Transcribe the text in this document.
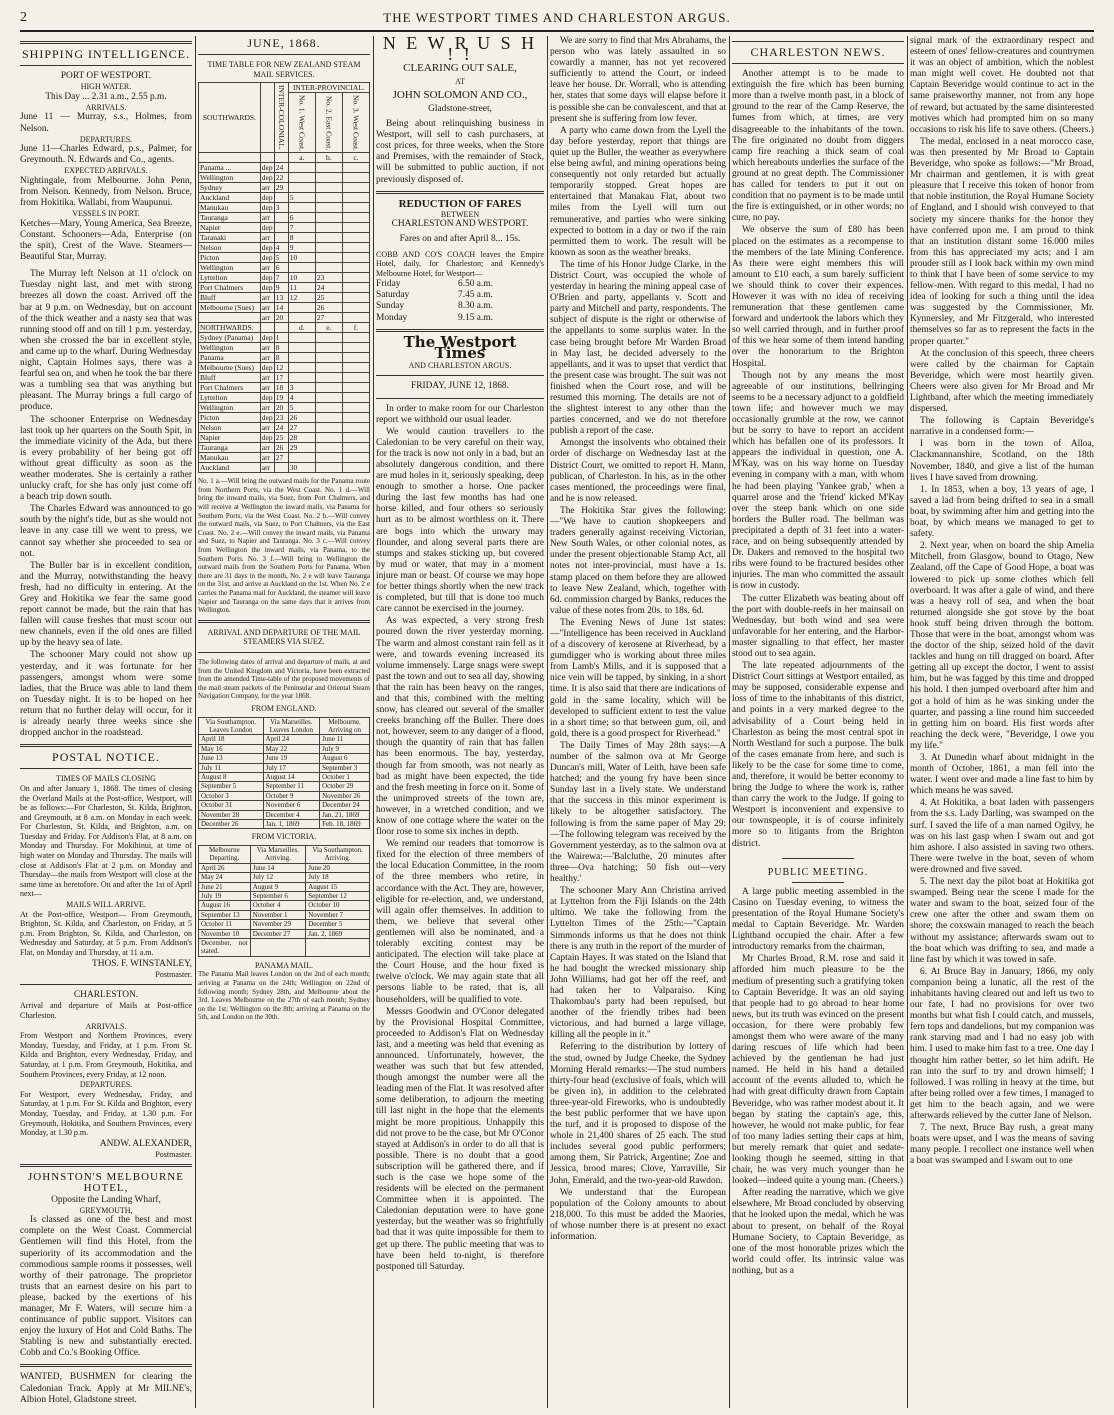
2	THE WESTPORT TIMES AND CHARLESTON ARGUS.
SHIPPING INTELLIGENCE.
PORT OF WESTPORT.
HIGH WATER.
This Day ... 2.31 a.m., 2.55 p.m.
ARRIVALS.
June 11 — Murray, s.s., Holmes, from Nelson.
DEPARTURES.
June 11—Charles Edward, p.s., Palmer, for Greymouth. N. Edwards and Co., agents.
EXPECTED ARRIVALS.
Nightingale, from Melbourne. John Penn, from Nelson. Kennedy, from Nelson. Bruce, from Hokitika. Wallabi, from Waupunui.
VESSELS IN PORT.
Ketches—Mary, Young America, Sea Breeze, Constant. Schooners—Ada, Enterprise (on the spit), Crest of the Wave. Steamers—Beautiful Star, Murray.

The Murray left Nelson at 11 o'clock on Tuesday night last, and met with strong breezes all down the coast. Arrived off the bar at 9 p.m. on Wednesday, but on account of the thick weather and a nasty sea that was running stood off and on till 1 p.m. yesterday, when she crossed the bar in excellent style, and came up to the wharf. During Wednesday night, Captain Holmes says, there was a fearful sea on, and when he took the bar there was a tumbling sea that was anything but pleasant. The Murray brings a full cargo of produce.

The schooner Enterprise on Wednesday last took up her quarters on the South Spit, in the immediate vicinity of the Ada, but there is every probability of her being got off without great difficulty as soon as the weather moderates. She is certainly a rather unlucky craft, for she has only just come off a beach trip down south.

The Charles Edward was announced to go south by the night's tide, but as she would not leave in any case till we went to press, we cannot say whether she proceeded to sea or not.

The Buller bar is in excellent condition, and the Murray, notwithstanding the heavy fresh, had no difficulty in entering. At the Grey and Hokitika we fear the same good report cannot be made, but the rain that has fallen will cause freshes that must scour out new channels, even if the old ones are filled up by the heavy sea of late.

The schooner Mary could not show up yesterday, and it was fortunate for her passengers, amongst whom were some ladies, that the Bruce was able to land them on Tuesday night. It is to be hoped on her return that no further delay will occur, for it is already nearly three weeks since she dropped anchor in the roadstead.

POSTAL NOTICE.
TIMES OF MAILS CLOSING

On and after January 1, 1868. The times of closing the Overland Mails at the Post-office, Westport, will be as follows:—For Charleston, St. Kilda, Brighton, and Greymouth, at 8 a.m. on Monday in each week. For Charleston, St. Kilda, and Brighton, a.m. on Tuesday and Friday. For Addison's Flat, at 8 a.m. on Monday and Thursday. For Mokihinui, at time of high water on Monday and Thursday. The mails will close at Addison's Flat at 2 p.m. on Monday and Thursday—the mails from Westport will close at the same time as heretofore. On and after the 1st of April next—

MAILS WILL ARRIVE.

At the Post-office, Westport— From Greymouth, Brighton, St. Kilda, and Charleston, on Friday, at 5 p.m. From Brighton, St. Kilda, and Charleston, on Wednesday and Saturday, at 5 p.m. From Addison's Flat, on Monday and Thursday, at 11 a.m.

THOS. F. WINSTANLEY,
Postmaster.
CHARLESTON.

Arrival and departure of Mails at Post-office Charleston.

ARRIVALS.

From Westport and Northern Provinces, every Monday, Tuesday, and Friday, at 1 p.m. From St. Kilda and Brighton, every Wednesday, Friday, and Saturday, at 1 p.m. From Greymouth, Hokitika, and Southern Provinces, every Friday, at 12 noon.

DEPARTURES.

For Westport, every Wednesday, Friday, and Saturday, at 1 p.m. For St. Kilda and Brighton, every Monday, Tuesday, and Friday, at 1.30 p.m. For Greymouth, Hokitika, and Southern Provinces, every Monday, at 1.30 p.m.

ANDW. ALEXANDER,
Postmaster.
JOHNSTON'S MELBOURNE HOTEL,
Opposite the Landing Wharf,
GREYMOUTH,

Is classed as one of the best and most complete on the West Coast. Commercial Gentlemen will find this Hotel, from the superiority of its accommodation and the commodious sample rooms it possesses, well worthy of their patronage. The proprietor trusts that an earnest desire on his part to please, backed by the exertions of his manager, Mr F. Waters, will secure him a continuance of public support. Visitors can enjoy the luxury of Hot and Cold Baths. The Stabling is new and substantially erected. Cobb and Co.'s Booking Office.

WANTED, BUSHMEN for clearing the Caledonian Track. Apply at Mr MILNE's, Albion Hotel, Gladstone street.

JUNE, 1868.
TIME TABLE FOR NEW ZEALAND STEAM MAIL SERVICES.
SOUTHWARDS.		INTER-COLONIAL.	INTER-PROVINCIAL.		
			No. 1. West Coast.	No. 2. East Coast.	No. 3. West Coast.
			a.	b.	c.
Panama ...	dep	24			
Wellington	dep	22			
Sydney	arr	29			
Auckland	dep		5		
Manukau	dep	3			
Tauranga	arr		6		
Napier	dep		7		
Taranaki	arr		8		
Nelson	dep	4	9		
Picton	dep	5	10		
Wellington	arr	6			
Lyttelton	dep	7	10	23	
Port Chalmers	dep	9	11	24	
Bluff	arr	13	12	25	
Melbourne (Sues)	arr	14		26	
	arr	20		27	
NORTHWARDS.			d.	e.	f.
Sydney (Panama)	dep	1			
Wellington	arr	8			
Panama	arr	8			
Melbourne (Sues)	dep	12			
Bluff	arr	17			
Port Chalmers	arr	18	3		
Lyttelton	dep	19	4		
Wellington	arr	20	5		
Picton	dep	23	26		
Nelson	arr	24	27		
Napier	dep	25	28		
Tauranga	arr	26	29		
Manukau	arr	27			
Auckland	arr		30		

No. 1 a.—Will bring the outward mails for the Panama route from Northern Ports, via the West Coast. No. 1 d.—Will bring the inward mails, via Suez, from Port Chalmers, and will receive at Wellington the inward mails, via Panama for Southern Ports, via the West Coast. No. 2 b.—Will convey the outward mails, via Suez, to Port Chalmers, via the East Coast. No. 2 e.—Will convey the inward mails, via Panama and Suez, to Napier and Tauranga. No. 3 c.—Will convey from Wellington the inward mails, via Panama, to the Southern Ports. No. 3 f.—Will bring to Wellington the outward mails from the Southern Ports for Panama. When there are 31 days in the month, No. 2 e will leave Tauranga on the 31st, and arrive at Auckland on the 1st. When No. 2 e carries the Panama mail for Auckland, the steamer will leave Napier and Tauranga on the same days that it arrives from Wellington.

ARRIVAL AND DEPARTURE OF THE MAIL STEAMERS VIA SUEZ.

The following dates of arrival and departure of mails, at and from the United Kingdom and Victoria, have been extracted from the amended Time-table of the proposed movements of the mail steam packets of the Peninsular and Oriental Steam Navigation Company, for the year 1868.

FROM ENGLAND.
Via Southampton. Leaves London	Via Marseilles. Leaves London	Melbourne. Arriving on
April 18	April 24	June 11
May 16	May 22	July 9
June 13	June 19	August 6
July 11	July 17	September 3
August 8	August 14	October 1
September 5	September 11	October 29
October 3	October 9	November 26
October 31	November 6	December 24
November 28	December 4	Jan. 21, 1869
December 26	Jan. 1, 1869	Feb. 18, 1869
FROM VICTORIA.
Melbourne Departing.	Via Marseilles. Arriving.	Via Southampton. Arriving.
April 26	June 14	June 20
May 24	July 12	July 18
June 21	August 9	August 15
July 19	September 6	September 12
August 16	October 4	October 10
September 13	November 1	November 7
October 11	November 29	December 5
November 10	December 27	Jan. 2, 1869
December, not stated.		
PANAMA MAIL.

The Panama Mail leaves London on the 2nd of each month; arriving at Panama on the 24th; Wellington on 22nd of following month; Sydney 28th, and Melbourne about the 3rd. Leaves Melbourne on the 27th of each month; Sydney on the 1st; Wellington on the 8th; arriving at Panama on the 5th, and London on the 30th.

N E W R U S H ! !
CLEARING OUT SALE,
AT
JOHN SOLOMON AND CO.,
Gladstone-street,

Being about relinquishing business in Westport, will sell to cash purchasers, at cost prices, for three weeks, when the Store and Premises, with the remainder of Stock, will be submitted to public auction, if not previously disposed of.

REDUCTION OF FARES
BETWEEN
CHARLESTON AND WESTPORT.
Fares on and after April 8... 15s.

COBB AND CO'S COACH leaves the Empire Hotel, daily, for Charleston; and Kennedy's Melbourne Hotel, for Westport—

Friday	6.50 a.m.
Saturday	7.45 a.m.
Sunday	8.30 a.m.
Monday	9.15 a.m.
The Westport Times
AND CHARLESTON ARGUS.
FRIDAY, JUNE 12, 1868.

In order to make room for our Charleston report we withhold our usual leader.

We would caution travellers to the Caledonian to be very careful on their way, for the track is now not only in a bad, but an absolutely dangerous condition, and there are mud holes in it, seriously speaking, deep enough to smother a horse. One packer during the last few months has had one horse killed, and four others so seriously hurt as to be almost worthless on it. There are bogs into which the unwary may flounder, and along several parts there are stumps and stakes sticking up, but covered by mud or water, that may in a moment injure man or beast. Of course we may hope for better things shortly when the new track is completed, but till that is done too much care cannot be exercised in the journey.

As was expected, a very strong fresh poured down the river yesterday morning. The warm and almost constant rain fell as it were, and towards evening increased its volume immensely. Large snags were swept past the town and out to sea all day, showing that the rain has been heavy on the ranges, and that this, combined with the melting snow, has cleared out several of the smaller creeks branching off the Buller. There does not, however, seem to any danger of a flood, though the quantity of rain that has fallen has been enormous. The bay, yesterday, though far from smooth, was not nearly as bad as might have been expected, the tide and the fresh meeting in force on it. Some of the unimproved streets of the town are, however, in a wretched condition, and we know of one cottage where the water on the floor rose to some six inches in depth.

We remind our readers that tomorrow is fixed for the election of three members of the local Education Committee, in the room of the three members who retire, in accordance with the Act. They are, however, eligible for re-election, and, we understand, will again offer themselves. In addition to them, we believe that several other gentlemen will also be nominated, and a tolerably exciting contest may be anticipated. The election will take place at the Court House, and the hour fixed is twelve o'clock. We may again state that all persons liable to be rated, that is, all householders, will be qualified to vote.

Messrs Goodwin and O'Conor delegated by the Provisional Hospital Committee, proceeded to Addison's Flat on Wednesday last, and a meeting was held that evening as announced. Unfortunately, however, the weather was such that but few attended, though amongst the number were all the leading men of the Flat. It was resolved after some deliberation, to adjourn the meeting till last night in the hope that the elements might be more propitious. Unhappily this did not prove to be the case, but Mr O'Conor stayed at Addison's in order to do all that is possible. There is no doubt that a good subscription will be gathered there, and if such is the case we hope some of the residents will be elected on the permanent Committee when it is appointed. The Caledonian deputation were to have gone yesterday, but the weather was so frightfully bad that it was quite impossible for them to get up there. The public meeting that was to have been held to-night, is therefore postponed till Saturday.

We are sorry to find that Mrs Abrahams, the person who was lately assaulted in so cowardly a manner, has not yet recovered sufficiently to attend the Court, or indeed leave her house. Dr. Worrall, who is attending her, states that some days will elapse before it is possible she can be convalescent, and that at present she is suffering from low fever.

A party who came down from the Lyell the day before yesterday, report that things are quiet up the Buller, the weather as everywhere else being awful, and mining operations being consequently not only retarded but actually temporarily stopped. Great hopes are entertained that Manakau Flat, about two miles from the Lyell will turn out remunerative, and parties who were sinking expected to bottom in a day or two if the rain permitted them to work. The result will be known as soon as the weather breaks.

The time of his Honor Judge Clarke, in the District Court, was occupied the whole of yesterday in hearing the mining appeal case of O'Brien and party, appellants v. Scott and party and Mitchell and party, respondents. The subject of dispute is the right or otherwise of the appellants to some surplus water. In the case being brought before Mr Warden Broad in May last, he decided adversely to the appellants, and it was to upset that verdict that the present case was brought. The suit was not finished when the Court rose, and will be resumed this morning. The details are not of the slightest interest to any other than the parties concerned, and we do not therefore publish a report of the case.

Amongst the insolvents who obtained their order of discharge on Wednesday last at the District Court, we omitted to report H. Mann, publican, of Charleston. In his, as in the other cases mentioned, the proceedings were final, and he is now released.

The Hokitika Star gives the following:—"We have to caution shopkeepers and traders generally against receiving Victorian, New South Wales, or other colonial notes, as under the present objectionable Stamp Act, all notes not inter-provincial, must have a 1s. stamp placed on them before they are allowed to leave New Zealand, which, together with 6d. commission charged by Banks, reduces the value of these notes from 20s. to 18s. 6d.

The Evening News of June 1st states:—"Intelligence has been received in Auckland of a discovery of kerosene at Riverhead, by a gumdigger who is working about three miles from Lamb's Mills, and it is supposed that a nice vein will be tapped, by sinking, in a short time. It is also said that there are indications of gold in the same locality, which will be developed to sufficient extent to test the value in a short time; so that between gum, oil, and gold, there is a good prospect for Riverhead."

The Daily Times of May 28th says:—A number of the salmon ova at Mr George Duncan's mill, Water of Leith, have been safe hatched; and the young fry have been since Sunday last in a lively state. We understand that the success in this minor experiment is likely to be altogether satisfactory. The following is from the same paper of May 29:—The following telegram was received by the Government yesterday, as to the salmon ova at the Wairewa:—'Balcluthe, 20 minutes after three—Ova hatching; 50 fish out—very healthy.'

The schooner Mary Ann Christina arrived at Lyttelton from the Fiji Islands on the 24th ultimo. We take the following from the Lyttelton Times of the 25th:—"Captain Simmonds informs us that he does not think there is any truth in the report of the murder of Captain Hayes. It was stated on the Island that he had bought the wrecked missionary ship John Williams, had got her off the reef, and had taken her to Valparaiso. King Thakombau's party had been repulsed, but another of the friendly tribes had been victorious, and had burned a large village, killing all the people in it."

Referring to the distribution by lottery of the stud, owned by Judge Cheeke, the Sydney Morning Herald remarks:—The stud numbers thirty-four head (exclusive of foals, which will be given in), in addition to the celebrated three-year-old Fireworks, who is undoubtedly the best public performer that we have upon the turf, and it is proposed to dispose of the whole in 21,400 shares of 25 each. The stud includes several good public performers; among them, Sir Patrick, Argentine; Zoe and Jessica, brood mares; Clove, Yarraville, Sir John, Emerald, and the two-year-old Rawdon.

We understand that the European population of the Colony amounts to about 218,000. To this must be added the Maories, of whose number there is at present no exact information.

CHARLESTON NEWS.

Another attempt is to be made to extinguish the fire which has been burning more than a twelve month past, in a block of ground to the rear of the Camp Reserve, the fumes from which, at times, are very disagreeable to the inhabitants of the town. The fire originated no doubt from diggers camp fire reaching a thick seam of coal which hereabouts underlies the surface of the ground at no great depth. The Commissioner has called for tenders to put it out on condition that no payment is to be made until the fire is extinguished, or in other words; no cure, no pay.

We observe the sum of £80 has been placed on the estimates as a recompense to the members of the late Mining Conference. As there were eight members this will amount to £10 each, a sum barely sufficient we should think to cover their expences. However it was with no idea of receiving remuneration that these gentlemen came forward and undertook the labors which they so well carried through, and in further proof of this we hear some of them intend handing over the honorarium to the Brighton Hospital.

Though not by any means the most agreeable of our institutions, bellringing seems to be a necessary adjunct to a goldfield town life; and however much we may occasionally grumble at the row, we cannot but be sorry to have to report an accident which has befallen one of its professors. It appears the individual in question, one A. M'Kay, was on his way home on Tuesday evening in company with a man, with whom he had been playing 'Yankee grab,' when a quarrel arose and the 'friend' kicked M'Kay over the steep bank which on one side borders the Buller road. The bellman was precipitated a depth of 31 feet into a water-race, and on being subsequently attended by Dr. Dakers and removed to the hospital two ribs were found to be fractured besides other injuries. The man who committed the assault is now in custody.

The cutter Elizabeth was beating about off the port with double-reefs in her mainsail on Wednesday, but both wind and sea were unfavorable for her entering, and the Harbor-master signalling to that effect, her master stood out to sea again.

The late repeated adjournments of the District Court sittings at Westport entailed, as may be supposed, considerable expense and loss of time to the inhabitants of this district, and points in a very marked degree to the advisability of a Court being held in Charleston as being the most central spot in North Westland for such a purpose. The bulk of the cases emanate from here, and such is likely to be the case for some time to come, and, therefore, it would be better economy to bring the Judge to where the work is, rather than carry the work to the Judge. If going to Westport is inconvenient and expensive to our townspeople, it is of course infinitely more so to litigants from the Brighton district.

PUBLIC MEETING.

A large public meeting assembled in the Casino on Tuesday evening, to witness the presentation of the Royal Humane Society's medal to Captain Beveridge. Mr. Warden Lightband occupied the chair. After a few introductory remarks from the chairman,

Mr Charles Broad, R.M. rose and said it afforded him much pleasure to be the medium of presenting such a gratifying token to Captain Beveridge. It was an old saying that people had to go abroad to hear home news, but its truth was evinced on the present occasion, for there were probably few amongst them who were aware of the many daring rescues of life which had been achieved by the gentleman he had just named. He held in his hand a detailed account of the events alluded to, which he had with great difficulty drawn from Captain Beveridge, who was rather modest about it. It began by stating the captain's age, this, however, he would not make public, for fear of too many ladies setting their caps at him, but merely remark that quiet and sedate-looking though he seemed, sitting in that chair, he was very much younger than he looked—indeed quite a young man. (Cheers.)

After reading the narrative, which we give elsewhere, Mr Broad concluded by observing that he looked upon the medal, which he was about to present, on behalf of the Royal Humane Society, to Captain Beveridge, as one of the most honorable prizes which the world could offer. Its intrinsic value was nothing, but as a

signal mark of the extraordinary respect and esteem of ones' fellow-creatures and countrymen it was an object of ambition, which the noblest man might well covet. He doubted not that Captain Beveridge would continue to act in the same praiseworthy manner, not from any hope of reward, but actuated by the same disinterested motives which had prompted him on so many occasions to risk his life to save others. (Cheers.)

The medal, enclosed in a neat morocco case, was then presented by Mr Broad to Captain Beveridge, who spoke as follows:—"Mr Broad, Mr chairman and gentlemen, it is with great pleasure that I receive this token of honor from that noble institution, the Royal Humane Society of England, and I should wish conveyed to that society my sincere thanks for the honor they have conferred upon me. I am proud to think that an institution distant some 16.000 miles from this has appreciated my acts; and I am prouder still as I look back within my own mind to think that I have been of some service to my fellow-men. With regard to this medal, I had no idea of looking for such a thing until the idea was suggested by the Commissioner, Mr. Kynnersley, and Mr Fitzgerald, who interested themselves so far as to represent the facts in the proper quarter."

At the conclusion of this speech, three cheers were called by the chairman for Captain Beveridge, which were most heartily given. Cheers were also given for Mr Broad and Mr Lightband, after which the meeting immediately dispersed.

The following is Captain Beveridge's narrative in a condensed form:—

I was born in the town of Alloa, Clackmannanshire, Scotland, on the 18th November, 1840, and give a list of the human lives I have saved from drowning.

1. In 1853, when a boy, 13 years of age, I saved a lad from being drifted to sea in a small boat, by swimming after him and getting into the boat, by which means we managed to get to safety.

2. Next year, when on board the ship Amelia Mitchell, from Glasgow, bound to Otago, New Zealand, off the Cape of Good Hope, a boat was lowered to pick up some clothes which fell overboard. It was after a gale of wind, and there was a heavy roll of sea, and when the boat returned alongside she got stove by the boat hook stuff being driven through the bottom. Those that were in the boat, amongst whom was the doctor of the ship, seized hold of the davit tackles and hung on till dragged on board. After getting all up except the doctor, I went to assist him, but he was fagged by this time and dropped his hold. I then jumped overboard after him and got a hold of him as he was sinking under the quarter, and passing a line round him succeeded in getting him on board. His first words after reaching the deck were, "Beveridge, I owe you my life."

3. At Dunedin wharf about midnight in the month of October, 1861, a man fell into the water. I went over and made a line fast to him by which means he was saved.

4. At Hokitika, a boat laden with passengers from the s.s. Lady Darling, was swamped on the surf. I saved the life of a man named Ogilvy, he was on his last gasp when I swam out and got him ashore. I also assisted in saving two others. There were twelve in the boat, seven of whom were drowned and five saved.

5. The next day the pilot boat at Hokitika got swamped. Being near the scene I made for the water and swam to the boat, seized four of the crew one after the other and swam them on shore; the coxswain managed to reach the beach without my assistance; afterwards swam out to the boat which was drifting to sea, and made a line fast by which it was towed in safe.

6. At Bruce Bay in January, 1866, my only companion being a lunatic, all the rest of the inhabitants having cleared out and left us two to our fate, I had no provisions for over two months but what fish I could catch, and mussels, fern tops and dandelions, but my companion was rank starving mad and I had no easy job with him. I used to make him fast to a tree. One day I thought him rather better, so let him adrift. He ran into the surf to try and drown himself; I followed. I was rolling in heavy at the time, but after being rolled over a few times, I managed to get him to the beach again, and we were afterwards relieved by the cutter Jane of Nelson.

7. The next, Bruce Bay rush, a great many boats were upset, and I was the means of saving many people. I recollect one instance well when a boat was swamped and I swam out to one
